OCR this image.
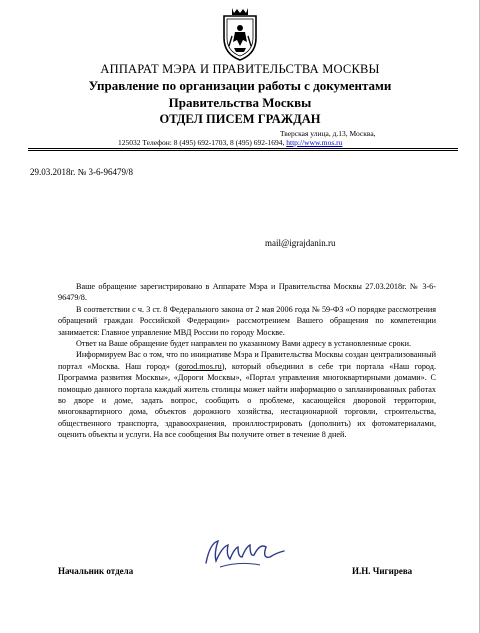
АППАРАТ МЭРА И ПРАВИТЕЛЬСТВА МОСКВЫ
Управление по организации работы с документами
Правительства Москвы
ОТДЕЛ ПИСЕМ ГРАЖДАН
Тверская улица, д.13, Москва,
125032 Телефон: 8 (495) 692-1703, 8 (495) 692-1694, http://www.mos.ru
29.03.2018г. № 3-6-96479/8
mail@igrajdanin.ru

Ваше обращение зарегистрировано в Аппарате Мэра и Правительства Москвы 27.03.2018г. № 3-6-96479/8.

В соответствии с ч. 3 ст. 8 Федерального закона от 2 мая 2006 года № 59-ФЗ «О порядке рассмотрения обращений граждан Российской Федерации» рассмотрением Вашего обращения по компетенции занимается: Главное управление МВД России по городу Москве.

Ответ на Ваше обращение будет направлен по указанному Вами адресу в установленные сроки.

Информируем Вас о том, что по инициативе Мэра и Правительства Москвы создан централизованный портал «Москва. Наш город» (gorod.mos.ru), который объединил в себе три портала «Наш город. Программа развития Москвы», «Дороги Москвы», «Портал управления многоквартирными домами». С помощью данного портала каждый житель столицы может найти информацию о запланированных работах во дворе и доме, задать вопрос, сообщить о проблеме, касающейся дворовой территории, многоквартирного дома, объектов дорожного хозяйства, нестационарной торговли, строительства, общественного транспорта, здравоохранения, проиллюстрировать (дополнить) их фотоматериалами, оценить объекты и услуги. На все сообщения Вы получите ответ в течение 8 дней.

Начальник отдела	И.Н. Чигирева
